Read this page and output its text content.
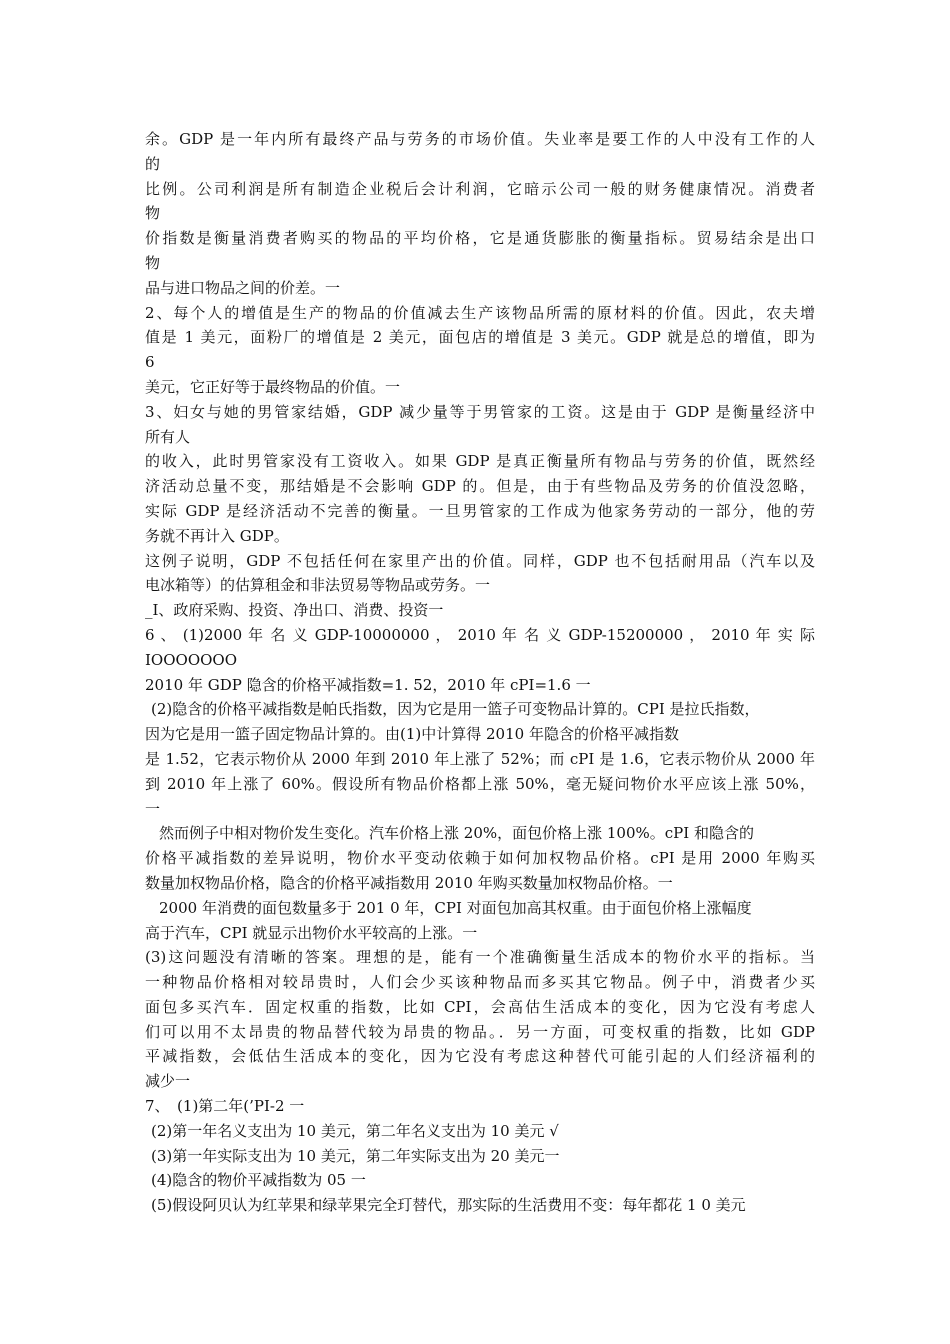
余。GDP 是一年内所有最终产品与劳务的市场价值。失业率是要工作的人中没有工作的人
的
比例。公司利润是所有制造企业税后会计利润，它暗示公司一般的财务健康情况。消费者
物
价指数是衡量消费者购买的物品的平均价格，它是通货膨胀的衡量指标。贸易结余是出口
物
品与进口物品之间的价差。一
2、每个人的增值是生产的物品的价值减去生产该物品所需的原材料的价值。因此，农夫增
值是 1 美元，面粉厂的增值是 2 美元，面包店的增值是 3 美元。GDP 就是总的增值，即为
6
美元，它正好等于最终物品的价值。一
3、妇女与她的男管家结婚，GDP 减少量等于男管家的工资。这是由于 GDP 是衡量经济中
所有人
的收入，此时男管家没有工资收入。如果 GDP 是真正衡量所有物品与劳务的价值，既然经
济活动总量不变，那结婚是不会影响 GDP 的。但是，由于有些物品及劳务的价值没忽略，
实际 GDP 是经济活动不完善的衡量。一旦男管家的工作成为他家务劳动的一部分，他的劳
务就不再计入 GDP。
这例子说明，GDP 不包括任何在家里产出的价值。同样，GDP 也不包括耐用品（汽车以及
电冰箱等）的估算租金和非法贸易等物品或劳务。一
_I、政府采购、投资、净出口、消费、投资一
6 、 (1)2000 年 名 义 GDP-10000000 ， 2010 年 名 义 GDP-15200000 ， 2010 年 实 际
IOOOOOOO
2010 年 GDP 隐含的价格平减指数=1. 52，2010 年 cPI=1.6 一
(2)隐含的价格平减指数是帕氏指数，因为它是用一篮子可变物品计算的。CPI 是拉氏指数，
因为它是用一篮子固定物品计算的。由(1)中计算得 2010 年隐含的价格平减指数
是 1.52，它表示物价从 2000 年到 2010 年上涨了 52%；而 cPI 是 1.6，它表示物价从 2000 年
到 2010 年上涨了 60%。假设所有物品价格都上涨 50%，毫无疑问物价水平应该上涨 50%，
一
然而例子中相对物价发生变化。汽车价格上涨 20%，面包价格上涨 100%。cPI 和隐含的
价格平减指数的差异说明，物价水平变动依赖于如何加权物品价格。cPI 是用 2000 年购买
数量加权物品价格，隐含的价格平减指数用 2010 年购买数量加权物品价格。一
2000 年消费的面包数量多于 201 0 年，CPI 对面包加高其权重。由于面包价格上涨幅度
高于汽车，CPI 就显示出物价水平较高的上涨。一
(3)这问题没有清晰的答案。理想的是，能有一个准确衡量生活成本的物价水平的指标。当
一种物品价格相对较昂贵时，人们会少买该种物品而多买其它物品。例子中，消费者少买
面包多买汽车．固定权重的指数，比如 CPI，会高估生活成本的变化，因为它没有考虑人
们可以用不太昂贵的物品替代较为昂贵的物品。．另一方面，可变权重的指数，比如 GDP
平减指数，会低估生活成本的变化，因为它没有考虑这种替代可能引起的人们经济福利的
减少一
7、　(1)第二年(’PI-2 一
(2)第一年名义支出为 10 美元，第二年名义支出为 10 美元 √
(3)第一年实际支出为 10 美元，第二年实际支出为 20 美元一
(4)隐含的物价平减指数为 05 一
(5)假设阿贝认为红苹果和绿苹果完全玎替代，那实际的生活费用不变：每年都花 1 0 美元
